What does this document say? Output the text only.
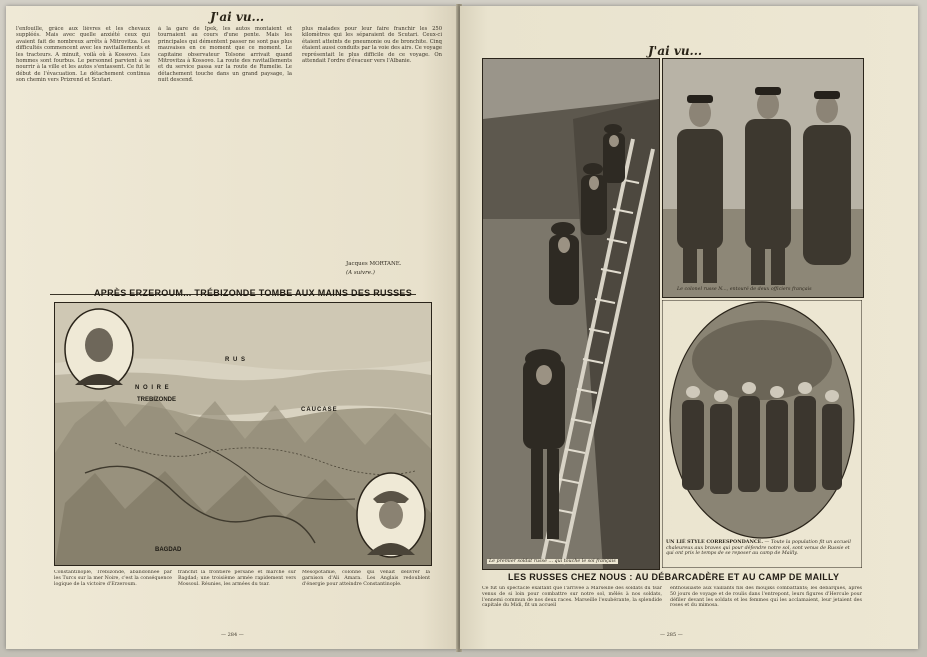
J'ai vu...
l'enfouille, grâce aux lièvres et les chevaux suppléés. Mais avec quelle anxiété ceux qui avaient fait de nombreux arrêts à Mitrovitza. Les difficultés commencent avec les ravitaillements et les tracteurs. A minuit, voilà où à Kossovo. Les hommes sont fourbus. Le personnel parvient à se nourrir à la ville et les autos s'entassent. Ce fut le début de l'évacuation. Le détachement continua son chemin vers Prizrend et Scutari.
à la gare de Ipek, les autos montaient et tournaient au cours d'une pente. Mais les principales qui démentent passer ne sont pas plus mauvaises en ce moment que ce moment. Le capitaine observateur Tolsone arrivait quand Mitrovitza à Kossovo. La route des ravitaillements et du service passa sur la route de Rumelie. Le détachement touche dans un grand paysage, la nuit descend.
plus malades pour leur faire franchir les 250 kilomètres qui les séparaient de Scutari. Ceux-ci étaient atteints de pneumonie ou de bronchite. Cinq étaient aussi conduits par la voie des airs. Ce voyage représentait le plus difficile de ce voyage. On attendait l'ordre d'évacuer vers l'Albanie.
Jacques MORTANE.
(A suivre.)
APRÈS ERZEROUM... TRÉBIZONDE TOMBE AUX MAINS DES RUSSES
R U S
N O I R E
TREBIZONDE
CAUCASE
BAGDAD
Constantinople, Trébizonde, abandonnée par les Turcs sur la mer Noire, c'est la conséquence logique de la victoire d'Erzeroum.
franchit la frontière persane et marche sur Bagdad; une troisième armée rapidement vers Mossoul. Réunies, les armées du tsar.
Mésopotamie, colonne qui venait délivrer la garnison d'Ali Amara. Les Anglais redoublent d'énergie pour atteindre Constantinople.
— 284 —
J'ai vu...
Le premier soldat russe ... qui touche le sol français
Le colonel russe N..., entouré de deux officiers français
UN LIÉ STYLE CORRESPONDANCE. — Toute la population fit un accueil chaleureux aux braves qui pour défendre notre sol, sont venus de Russie et qui ont pris le temps de se reposer au camp de Mailly.
LES RUSSES CHEZ NOUS : AU DÉBARCADÈRE ET AU CAMP DE MAILLY
Ce fut un spectacle exaltant que l'arrivée à Marseille des soldats du tsar venus de si loin pour combattre sur notre sol, mêlés à nos soldats, l'ennemi commun de nos deux races. Marseille l'exubérante, la splendide capitale du Midi, fit un accueil
enthousiaste aux vaillants fils des moujiks combattants; les débarqués, après 50 jours de voyage et de roulis dans l'entrepont, leurs figures d'Hercule pour défiler devant les soldats et les femmes qui les acclamaient, leur jetaient des roses et du mimosa.
— 285 —
